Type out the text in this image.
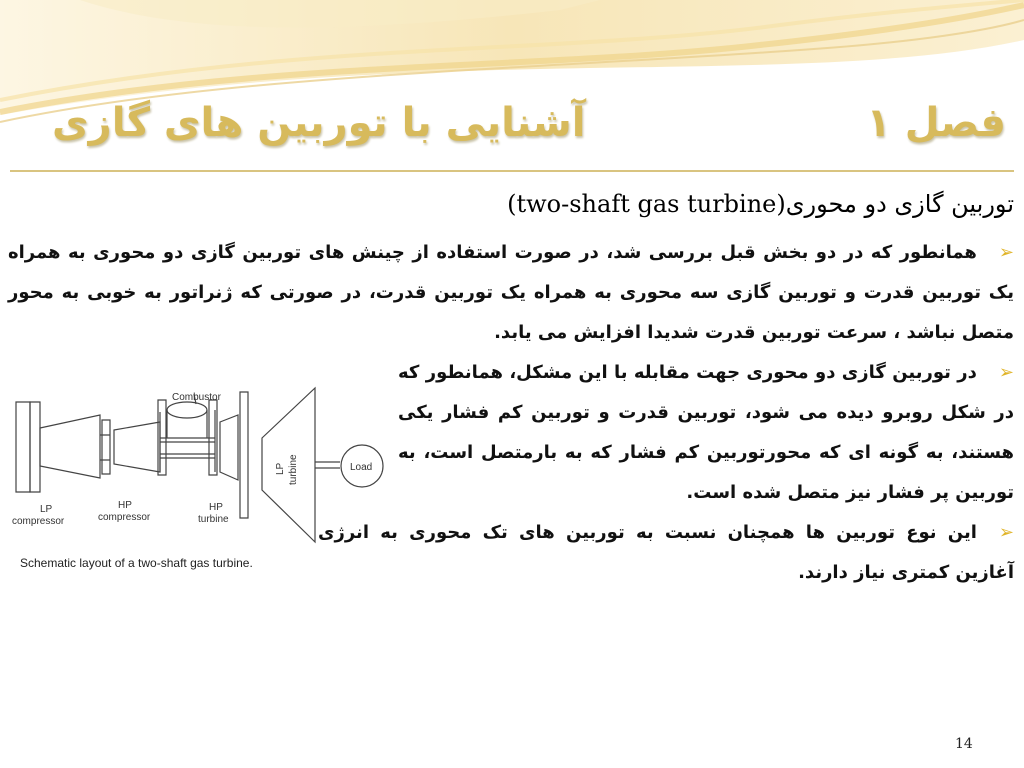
فصل ۱
آشنایی با توربین های گازی
توربین گازی دو محوری(two-shaft gas turbine)
➢همانطور که در دو بخش قبل بررسی شد، در صورت استفاده از چینش های توربین گازی دو محوری به همراه یک توربین قدرت و توربین گازی سه محوری به همراه یک توربین قدرت، در صورتی که ژنراتور به خوبی به محور متصل نباشد ، سرعت توربین قدرت شدیدا افزایش می یابد.
➢در توربین گازی دو محوری جهت مقابله با این مشکل، همانطور که در شکل روبرو دیده می شود، توربین قدرت و توربین کم فشار یکی هستند، به گونه ای که محورتوربین کم فشار که به بارمتصل است، به توربین پر فشار نیز متصل شده است.
➢این نوع توربین ها همچنان نسبت به توربین های تک محوری به انرژی آغازین کمتری نیاز دارند.
Combustor
LP
compressor
HP
compressor
HP
turbine
LP turbine	Load
Schematic layout of a two-shaft gas turbine.
14
